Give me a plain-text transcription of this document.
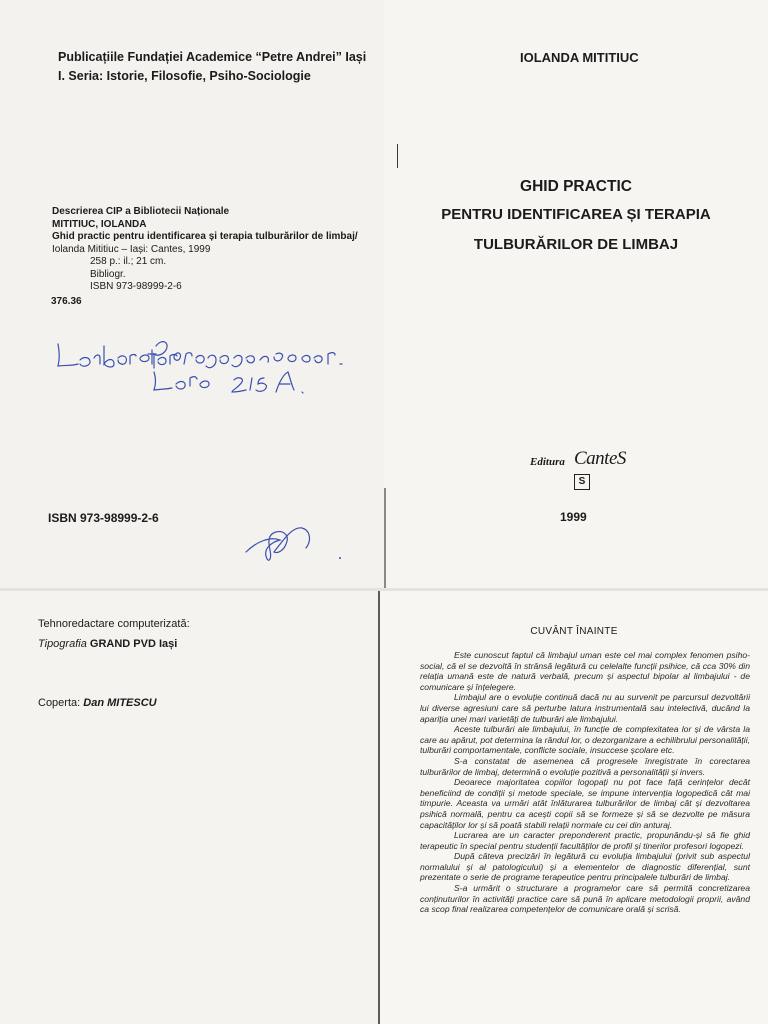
Publicațiile Fundației Academice “Petre Andrei” Iași
I. Seria: Istorie, Filosofie, Psiho-Sociologie
Descrierea CIP a Bibliotecii Naționale
MITITIUC, IOLANDA
Ghid practic pentru identificarea și terapia tulburărilor de limbaj/
Iolanda Mititiuc – Iași: Cantes, 1999
258 p.: il.; 21 cm.
Bibliogr.
ISBN 973-98999-2-6
376.36
ISBN 973-98999-2-6
IOLANDA MITITIUC
GHID PRACTIC
PENTRU IDENTIFICAREA ȘI TERAPIA
TULBURĂRILOR DE LIMBAJ
Editura CanteS
S
1999
Tehnoredactare computerizată:
Tipografia GRAND PVD Iași
Coperta: Dan MITESCU
CUVÂNT ÎNAINTE

Este cunoscut faptul că limbajul uman este cel mai complex fenomen psiho-social, că el se dezvoltă în strânsă legătură cu celelalte funcții psihice, că cca 30% din relația umană este de natură verbală, precum și aspectul bipolar al limbajului - de comunicare și înțelegere.

Limbajul are o evoluție continuă dacă nu au survenit pe parcursul dezvoltării lui diverse agresiuni care să perturbe latura instrumentală sau intelectivă, ducând la apariția unei mari varietăți de tulburări ale limbajului.

Aceste tulburări ale limbajului, în funcție de complexitatea lor și de vârsta la care au apărut, pot determina la rândul lor, o dezorganizare a echilibrului personalității, tulburări comportamentale, conflicte sociale, insuccese școlare etc.

S-a constatat de asemenea că progresele înregistrate în corectarea tulburărilor de limbaj, determină o evoluție pozitivă a personalității și invers.

Deoarece majoritatea copiilor logopați nu pot face față cerințelor decât beneficiind de condiții și metode speciale, se impune intervenția logopedică cât mai timpurie. Aceasta va urmări atât înlăturarea tulburărilor de limbaj cât și dezvoltarea psihică normală, pentru ca acești copii să se formeze și să se dezvolte pe măsura capacităților lor și să poată stabili relații normale cu cei din anturaj.

Lucrarea are un caracter preponderent practic, propunându-și să fie ghid terapeutic în special pentru studenții facultăților de profil și tinerilor profesori logopezi.

După câteva precizări în legătură cu evoluția limbajului (privit sub aspectul normalului și al patologicului) și a elementelor de diagnostic diferențial, sunt prezentate o serie de programe terapeutice pentru principalele tulburări de limbaj.

S-a urmărit o structurare a programelor care să permită concretizarea conținuturilor în activități practice care să pună în aplicare metodologii proprii, având ca scop final realizarea competențelor de comunicare orală și scrisă.
